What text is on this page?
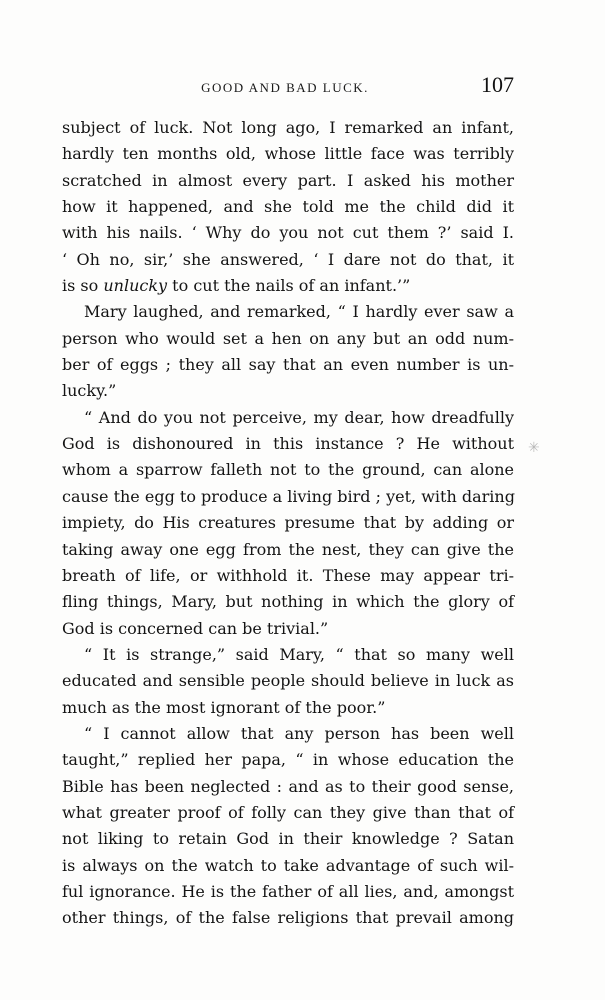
GOOD AND BAD LUCK.	107
subject of luck. Not long ago, I remarked an infant,
hardly ten months old, whose little face was terribly
scratched in almost every part. I asked his mother
how it happened, and she told me the child did it
with his nails. ‘ Why do you not cut them ?’ said I.
‘ Oh no, sir,’ she answered, ‘ I dare not do that, it
is so unlucky to cut the nails of an infant.’”
Mary laughed, and remarked, “ I hardly ever saw a
person who would set a hen on any but an odd num-
ber of eggs ; they all say that an even number is un-
lucky.”
“ And do you not perceive, my dear, how dreadfully
God is dishonoured in this instance ? He without
whom a sparrow falleth not to the ground, can alone
cause the egg to produce a living bird ; yet, with daring
impiety, do His creatures presume that by adding or
taking away one egg from the nest, they can give the
breath of life, or withhold it. These may appear tri-
fling things, Mary, but nothing in which the glory of
God is concerned can be trivial.”
“ It is strange,” said Mary, “ that so many well
educated and sensible people should believe in luck as
much as the most ignorant of the poor.”
“ I cannot allow that any person has been well
taught,” replied her papa, “ in whose education the
Bible has been neglected : and as to their good sense,
what greater proof of folly can they give than that of
not liking to retain God in their knowledge ? Satan
is always on the watch to take advantage of such wil-
ful ignorance. He is the father of all lies, and, amongst
other things, of the false religions that prevail among
✳
